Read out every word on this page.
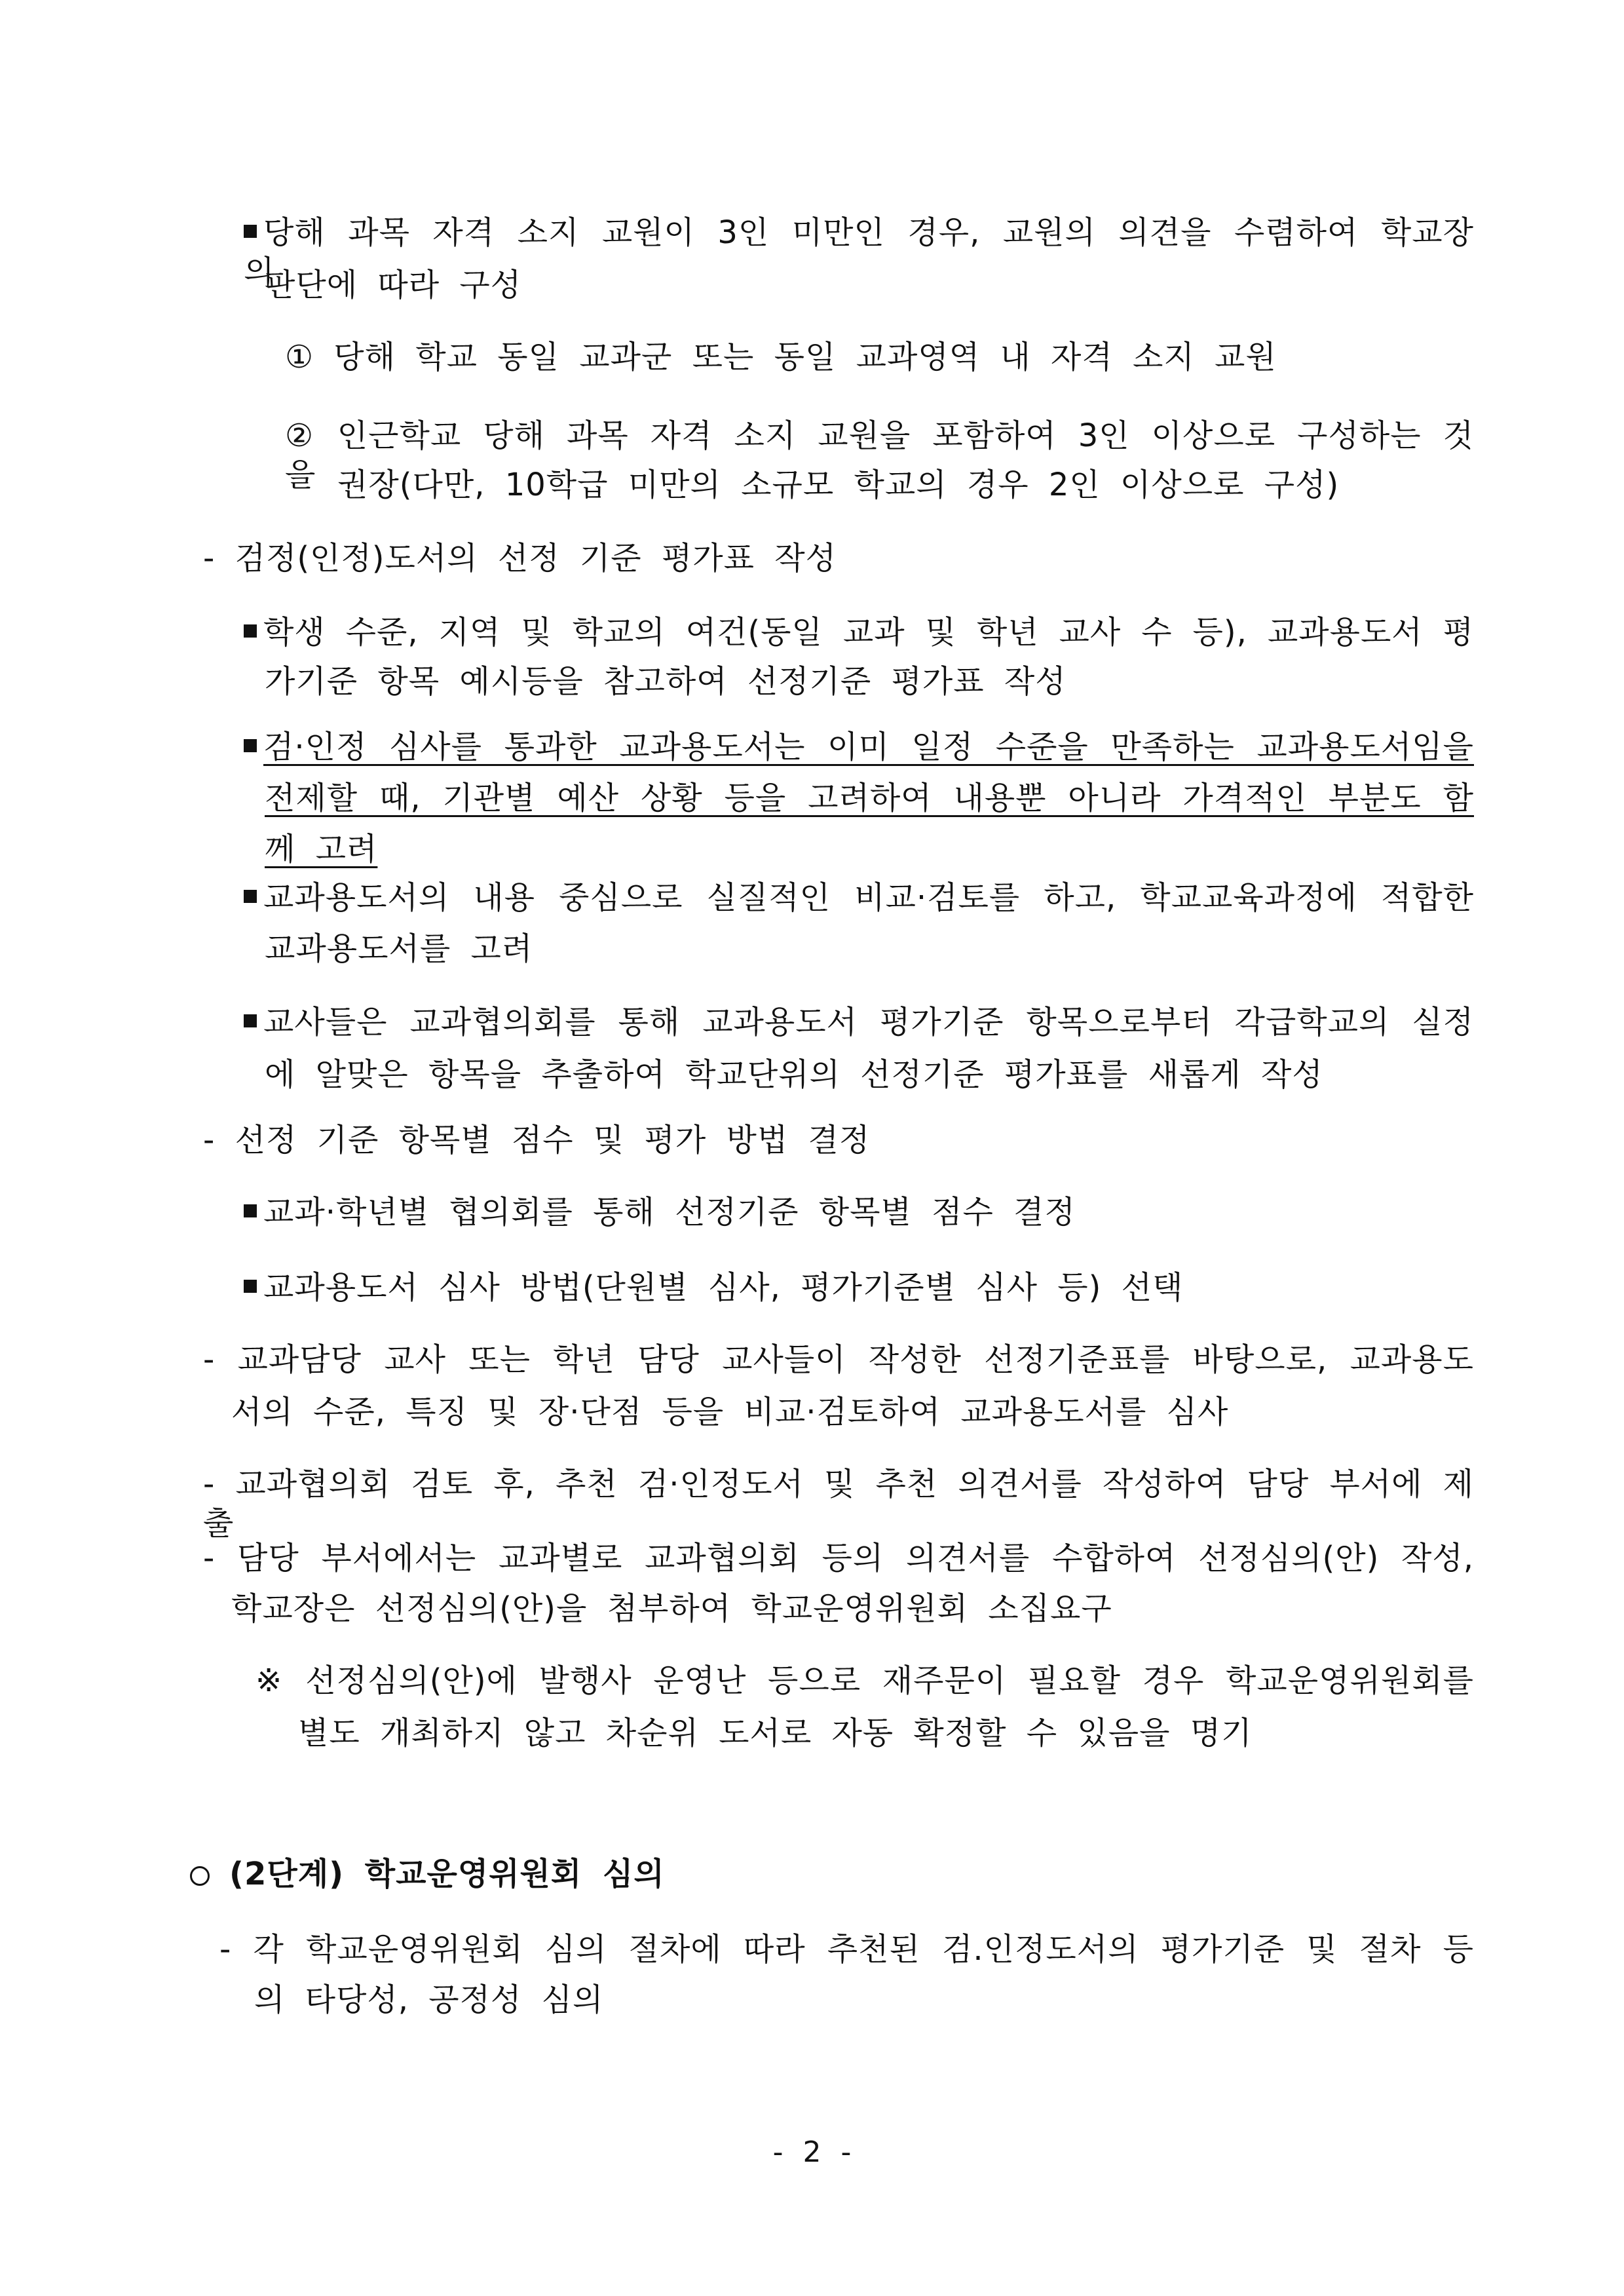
당해 과목 자격 소지 교원이 3인 미만인 경우, 교원의 의견을 수렴하여 학교장의
판단에 따라 구성
① 당해 학교 동일 교과군 또는 동일 교과영역 내 자격 소지 교원
② 인근학교 당해 과목 자격 소지 교원을 포함하여 3인 이상으로 구성하는 것을 권장(다만, 10학급 미만의 소규모 학교의 경우 2인 이상으로 구성)
- 검정(인정)도서의 선정 기준 평가표 작성
학생 수준, 지역 및 학교의 여건(동일 교과 및 학년 교사 수 등), 교과용도서 평
가기준 항목 예시등을 참고하여 선정기준 평가표 작성
검·인정 심사를 통과한 교과용도서는 이미 일정 수준을 만족하는 교과용도서임을
전제할 때, 기관별 예산 상황 등을 고려하여 내용뿐 아니라 가격적인 부분도 함
께 고려
교과용도서의 내용 중심으로 실질적인 비교·검토를 하고, 학교교육과정에 적합한
교과용도서를 고려
교사들은 교과협의회를 통해 교과용도서 평가기준 항목으로부터 각급학교의 실정
에 알맞은 항목을 추출하여 학교단위의 선정기준 평가표를 새롭게 작성
- 선정 기준 항목별 점수 및 평가 방법 결정
교과·학년별 협의회를 통해 선정기준 항목별 점수 결정
교과용도서 심사 방법(단원별 심사, 평가기준별 심사 등) 선택
- 교과담당 교사 또는 학년 담당 교사들이 작성한 선정기준표를 바탕으로, 교과용도
서의 수준, 특징 및 장·단점 등을 비교·검토하여 교과용도서를 심사
- 교과협의회 검토 후, 추천 검·인정도서 및 추천 의견서를 작성하여 담당 부서에 제출
- 담당 부서에서는 교과별로 교과협의회 등의 의견서를 수합하여 선정심의(안) 작성,
학교장은 선정심의(안)을 첨부하여 학교운영위원회 소집요구
※ 선정심의(안)에 발행사 운영난 등으로 재주문이 필요할 경우 학교운영위원회를
별도 개최하지 않고 차순위 도서로 자동 확정할 수 있음을 명기
(2단계) 학교운영위원회 심의
- 각 학교운영위원회 심의 절차에 따라 추천된 검.인정도서의 평가기준 및 절차 등
의 타당성, 공정성 심의
- 2 -
